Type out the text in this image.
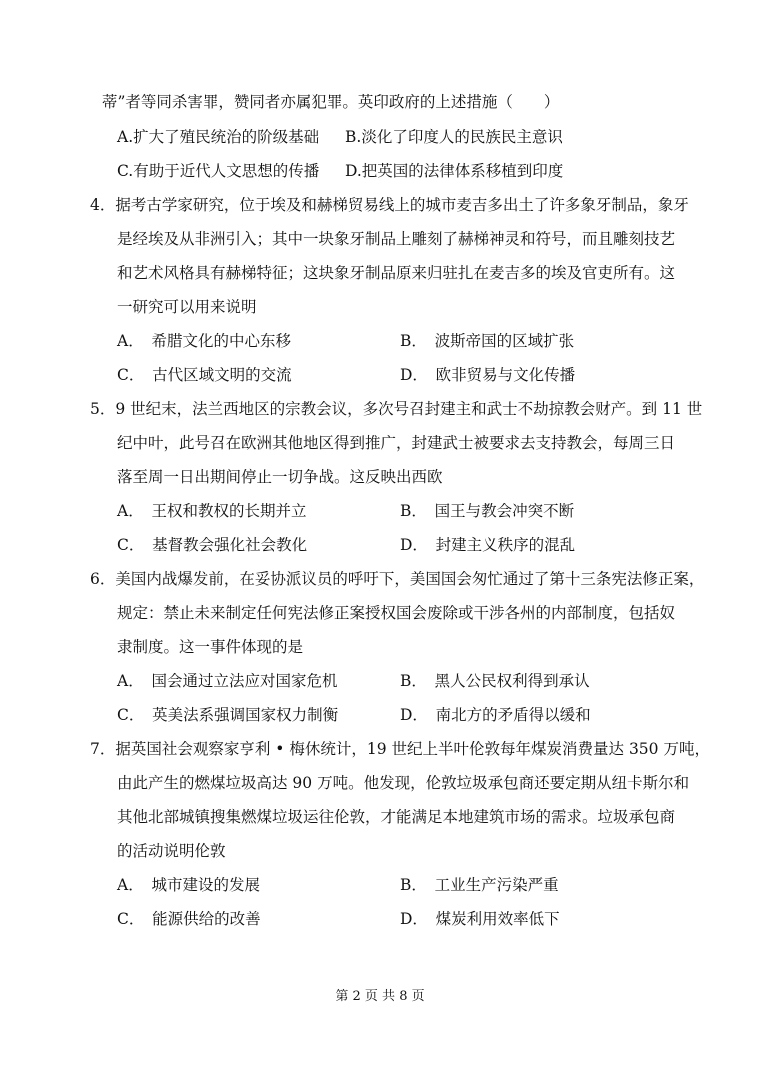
蒂”者等同杀害罪，赞同者亦属犯罪。英印政府的上述措施（　　）
A.扩大了殖民统治的阶级基础 B.淡化了印度人的民族民主意识
C.有助于近代人文思想的传播 D.把英国的法律体系移植到印度
4．据考古学家研究，位于埃及和赫梯贸易线上的城市麦吉多出土了许多象牙制品，象牙
是经埃及从非洲引入；其中一块象牙制品上雕刻了赫梯神灵和符号，而且雕刻技艺
和艺术风格具有赫梯特征；这块象牙制品原来归驻扎在麦吉多的埃及官吏所有。这
一研究可以用来说明
A．　希腊文化的中心东移	B．　波斯帝国的区域扩张
C．　古代区域文明的交流	D．　欧非贸易与文化传播
5．9 世纪末，法兰西地区的宗教会议，多次号召封建主和武士不劫掠教会财产。到 11 世
纪中叶，此号召在欧洲其他地区得到推广，封建武士被要求去支持教会，每周三日
落至周一日出期间停止一切争战。这反映出西欧
A．　王权和教权的长期并立	B．　国王与教会冲突不断
C．　基督教会强化社会教化	D．　封建主义秩序的混乱
6．美国内战爆发前，在妥协派议员的呼吁下，美国国会匆忙通过了第十三条宪法修正案，
规定：禁止未来制定任何宪法修正案授权国会废除或干涉各州的内部制度，包括奴
隶制度。这一事件体现的是
A．　国会通过立法应对国家危机	B．　黑人公民权利得到承认
C．　英美法系强调国家权力制衡	D．　南北方的矛盾得以缓和
7．据英国社会观察家亨利 • 梅休统计，19 世纪上半叶伦敦每年煤炭消费量达 350 万吨，
由此产生的燃煤垃圾高达 90 万吨。他发现，伦敦垃圾承包商还要定期从纽卡斯尔和
其他北部城镇搜集燃煤垃圾运往伦敦，才能满足本地建筑市场的需求。垃圾承包商
的活动说明伦敦
A．　城市建设的发展	B．　工业生产污染严重
C．　能源供给的改善	D．　煤炭利用效率低下
第 2 页 共 8 页
